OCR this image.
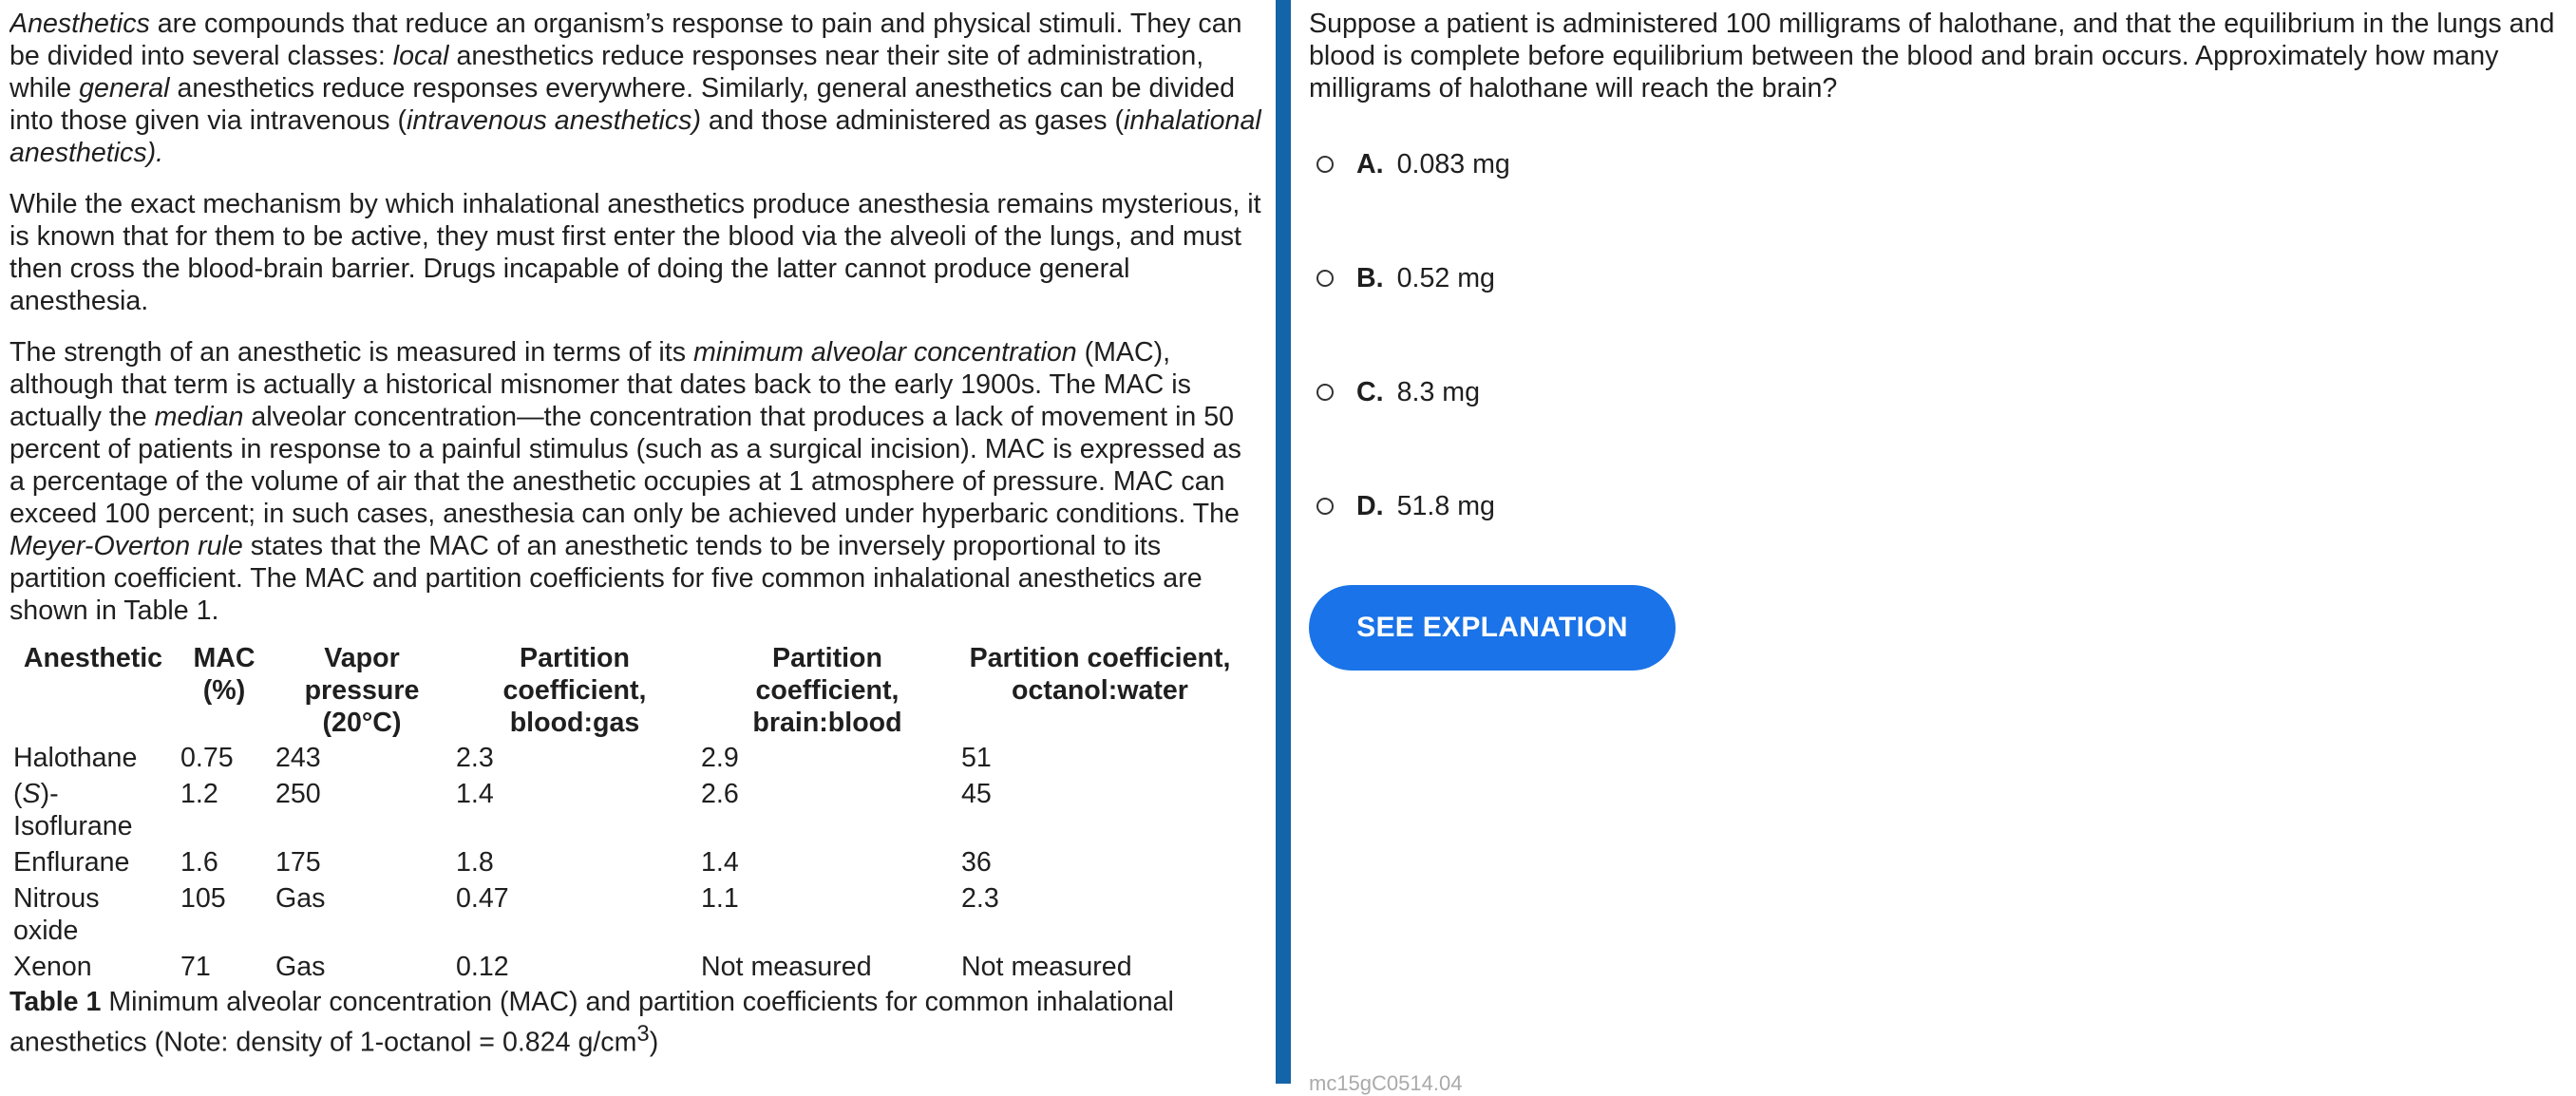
Anesthetics are compounds that reduce an organism’s response to pain and physical stimuli. They can be divided into several classes: local anesthetics reduce responses near their site of administration, while general anesthetics reduce responses everywhere. Similarly, general anesthetics can be divided into those given via intravenous (intravenous anesthetics) and those administered as gases (inhalational anesthetics).

While the exact mechanism by which inhalational anesthetics produce anesthesia remains mysterious, it is known that for them to be active, they must first enter the blood via the alveoli of the lungs, and must then cross the blood-brain barrier. Drugs incapable of doing the latter cannot produce general anesthesia.

The strength of an anesthetic is measured in terms of its minimum alveolar concentration (MAC), although that term is actually a historical misnomer that dates back to the early 1900s. The MAC is actually the median alveolar concentration—the concentration that produces a lack of movement in 50 percent of patients in response to a painful stimulus (such as a surgical incision). MAC is expressed as a percentage of the volume of air that the anesthetic occupies at 1 atmosphere of pressure. MAC can exceed 100 percent; in such cases, anesthesia can only be achieved under hyperbaric conditions. The Meyer-Overton rule states that the MAC of an anesthetic tends to be inversely proportional to its partition coefficient. The MAC and partition coefficients for five common inhalational anesthetics are shown in Table 1.

Anesthetic	MAC (%)	Vapor pressure (20°C)	Partition coefficient, blood:gas	Partition coefficient, brain:blood	Partition coefficient, octanol:water
Halothane	0.75	243	2.3	2.9	51
(S)-Isoflurane	1.2	250	1.4	2.6	45
Enflurane	1.6	175	1.8	1.4	36
Nitrous oxide	105	Gas	0.47	1.1	2.3
Xenon	71	Gas	0.12	Not measured	Not measured
Table 1 Minimum alveolar concentration (MAC) and partition coefficients for common inhalational anesthetics (Note: density of 1-octanol = 0.824 $g/cm^3$)

Suppose a patient is administered 100 milligrams of halothane, and that the equilibrium in the lungs and blood is complete before equilibrium between the blood and brain occurs. Approximately how many milligrams of halothane will reach the brain?

A. 0.083 mg
B. 0.52 mg
C. 8.3 mg
D. 51.8 mg
SEE EXPLANATION
mc15gC0514.04
